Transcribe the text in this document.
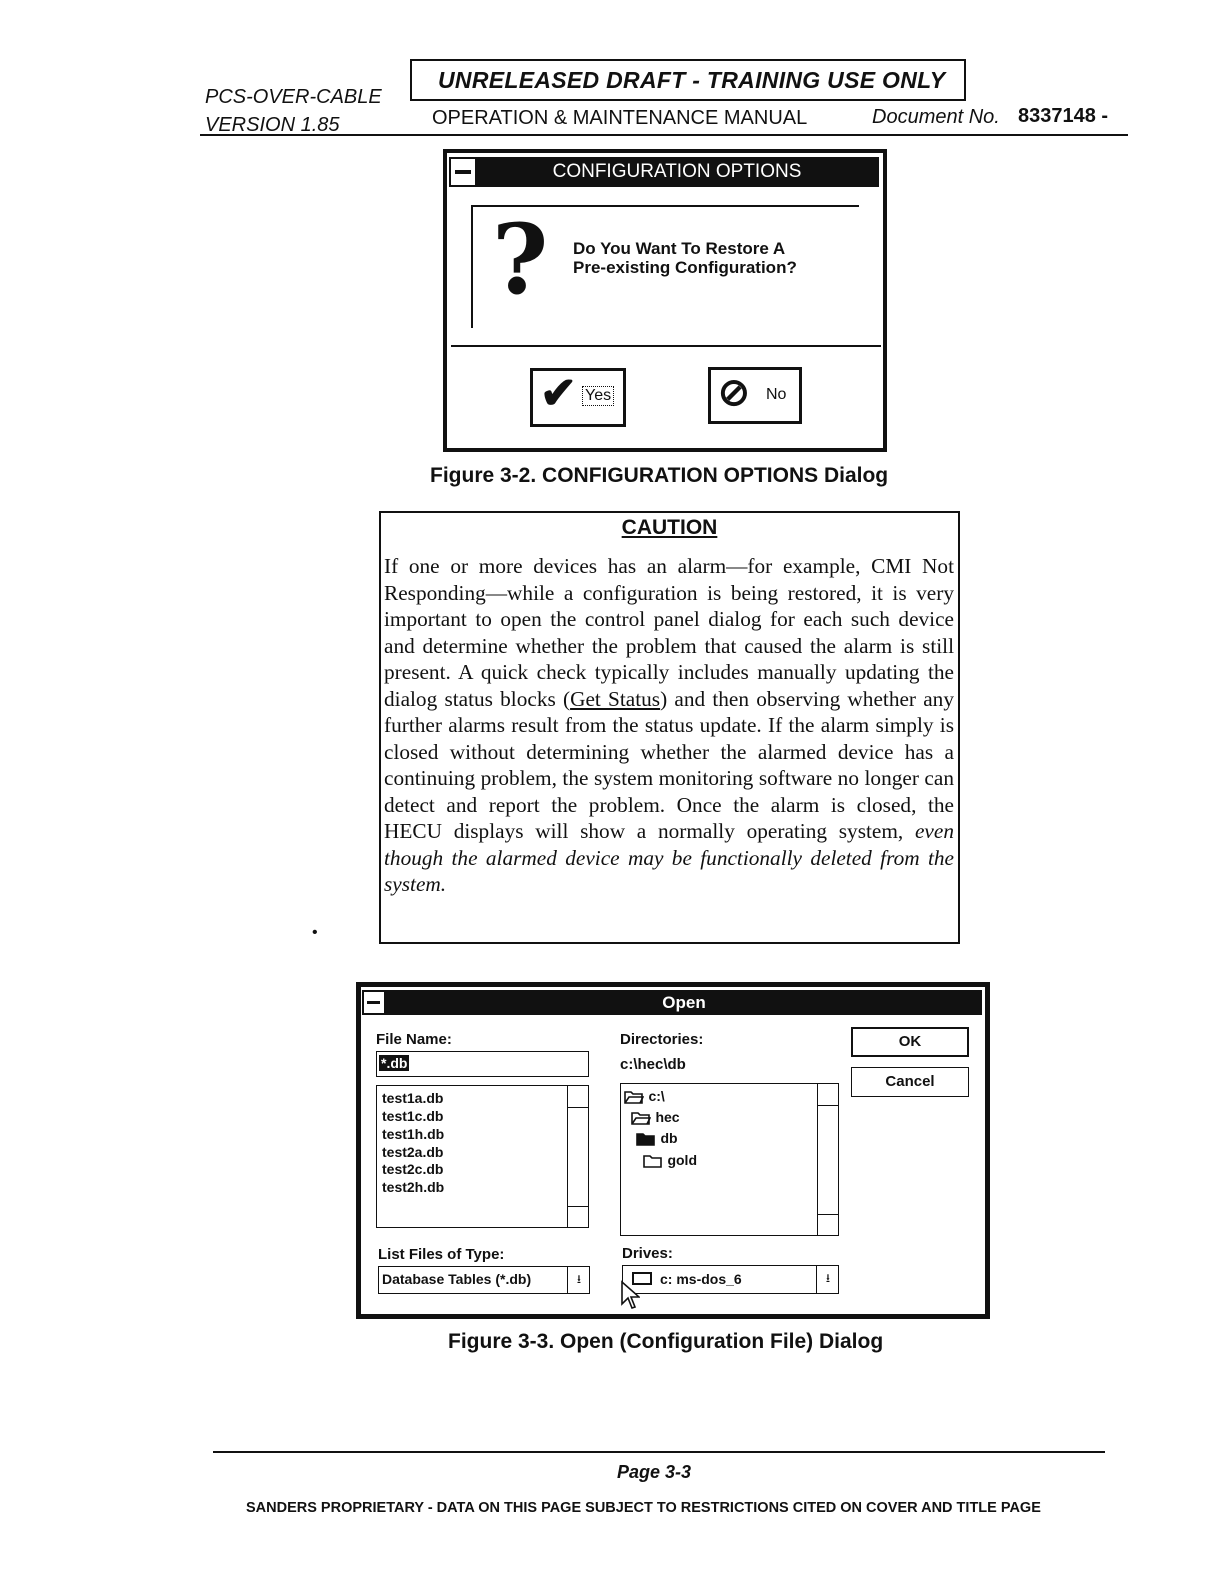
PCS-OVER-CABLE
VERSION 1.85
UNRELEASED DRAFT - TRAINING USE ONLY
OPERATION & MAINTENANCE MANUAL	Document No. 8337148 -
CONFIGURATION OPTIONS
? Do You Want To Restore A
Pre-existing Configuration?
✔ Yes	⊘ No
Figure 3-2. CONFIGURATION OPTIONS Dialog
CAUTION
If one or more devices has an alarm—for example, CMI Not Responding—while a configuration is being restored, it is very important to open the control panel dialog for each such device and determine whether the problem that caused the alarm is still present. A quick check typically includes manually updating the dialog status blocks (Get Status) and then observing whether any further alarms result from the status update. If the alarm simply is closed without determining whether the alarmed device has a continuing problem, the system monitoring software no longer can detect and report the problem. Once the alarm is closed, the HECU displays will show a normally operating system, even though the alarmed device may be functionally deleted from the system.
•
Open
File Name:
*.db
test1a.db
test1c.db
test1h.db
test2a.db
test2c.db
test2h.db
Directories:
c:\hec\db
c:\
hec
db
gold
OK
Cancel
List Files of Type:
Database Tables (*.db)	⭳
Drives:
c: ms-dos_6	⭳
Figure 3-3. Open (Configuration File) Dialog
Page 3-3
SANDERS PROPRIETARY - DATA ON THIS PAGE SUBJECT TO RESTRICTIONS CITED ON COVER AND TITLE PAGE
